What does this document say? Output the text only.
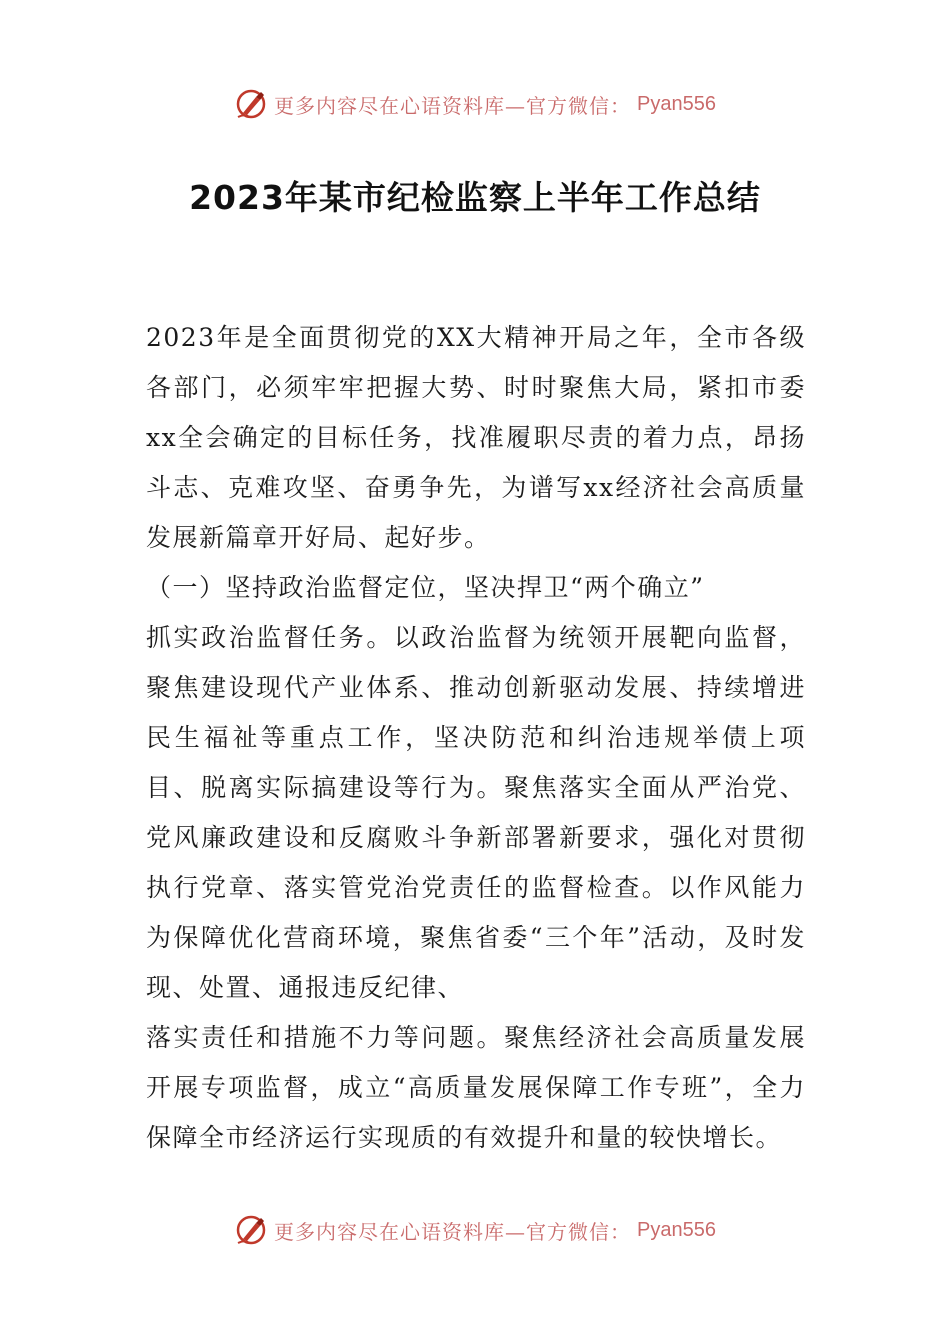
更多内容尽在心语资料库—官方微信： Pyan556
2023年某市纪检监察上半年工作总结

2023年是全面贯彻党的XX大精神开局之年，全市各级各部门，必须牢牢把握大势、时时聚焦大局，紧扣市委xx全会确定的目标任务，找准履职尽责的着力点，昂扬斗志、克难攻坚、奋勇争先，为谱写xx经济社会高质量发展新篇章开好局、起好步。

（一）坚持政治监督定位，坚决捍卫“两个确立”

抓实政治监督任务。以政治监督为统领开展靶向监督，聚焦建设现代产业体系、推动创新驱动发展、持续增进民生福祉等重点工作，坚决防范和纠治违规举债上项目、脱离实际搞建设等行为。聚焦落实全面从严治党、党风廉政建设和反腐败斗争新部署新要求，强化对贯彻执行党章、落实管党治党责任的监督检查。以作风能力为保障优化营商环境，聚焦省委“三个年”活动，及时发现、处置、通报违反纪律、

落实责任和措施不力等问题。聚焦经济社会高质量发展开展专项监督，成立“高质量发展保障工作专班”，全力保障全市经济运行实现质的有效提升和量的较快增长。

更多内容尽在心语资料库—官方微信： Pyan556
